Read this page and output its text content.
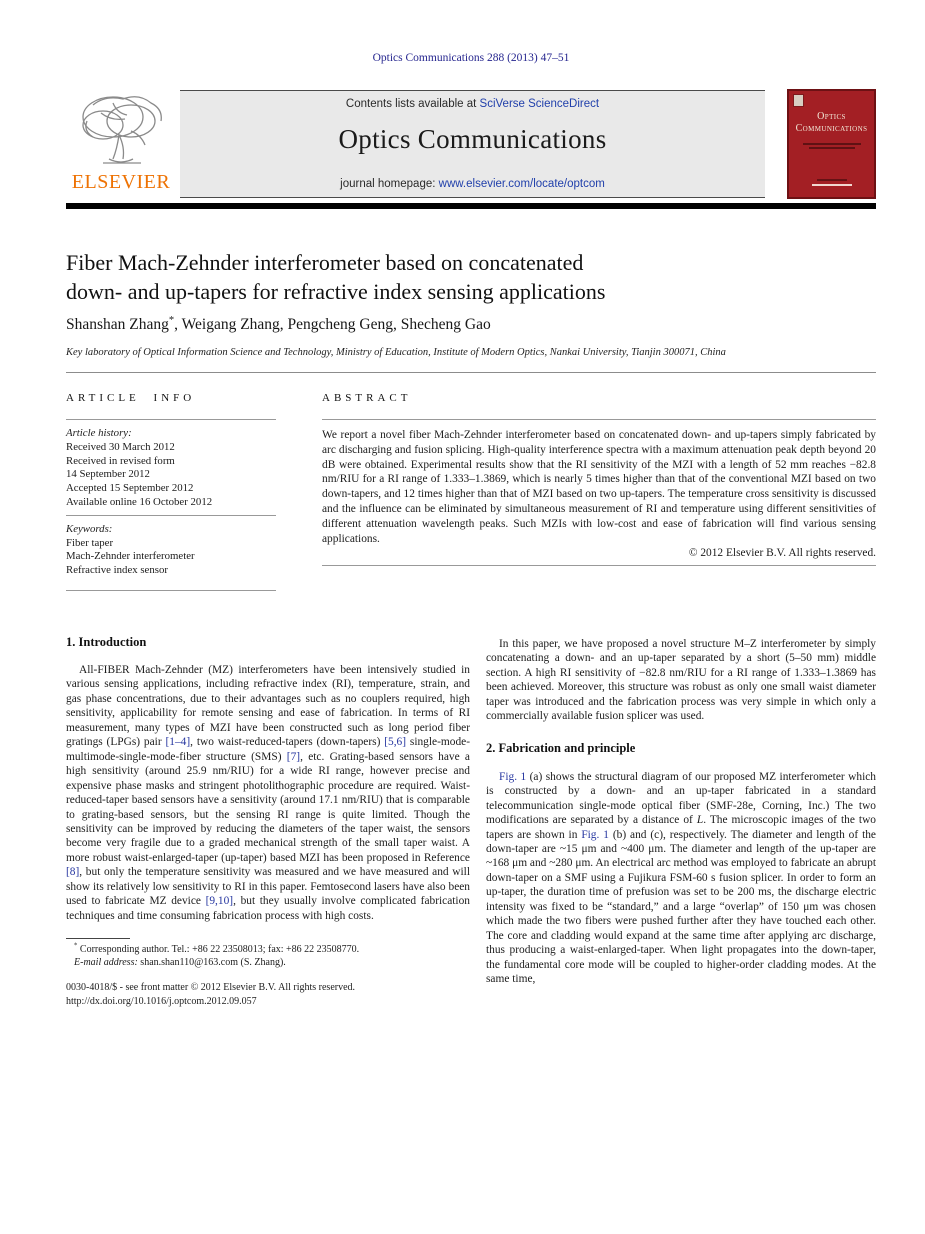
Optics Communications 288 (2013) 47–51
ELSEVIER
Contents lists available at SciVerse ScienceDirect
Optics Communications
journal homepage: www.elsevier.com/locate/optcom
Optics
Communications
Fiber Mach-Zehnder interferometer based on concatenated
down- and up-tapers for refractive index sensing applications
Shanshan Zhang*, Weigang Zhang, Pengcheng Geng, Shecheng Gao
Key laboratory of Optical Information Science and Technology, Ministry of Education, Institute of Modern Optics, Nankai University, Tianjin 300071, China
ARTICLE INFO
Article history:
Received 30 March 2012
Received in revised form
14 September 2012
Accepted 15 September 2012
Available online 16 October 2012
Keywords:
Fiber taper
Mach-Zehnder interferometer
Refractive index sensor
ABSTRACT
We report a novel fiber Mach-Zehnder interferometer based on concatenated down- and up-tapers simply fabricated by arc discharging and fusion splicing. High-quality interference spectra with a maximum attenuation peak depth beyond 20 dB were obtained. Experimental results show that the RI sensitivity of the MZI with a length of 52 mm reaches −82.8 nm/RIU for a RI range of 1.333–1.3869, which is nearly 5 times higher than that of the conventional MZI based on two down-tapers, and 12 times higher than that of MZI based on two up-tapers. The temperature cross sensitivity is discussed and the influence can be eliminated by simultaneous measurement of RI and temperature using different sensitivities of different attenuation wavelength peaks. Such MZIs with low-cost and ease of fabrication will find various sensing applications.
© 2012 Elsevier B.V. All rights reserved.
1. Introduction
All-FIBER Mach-Zehnder (MZ) interferometers have been intensively studied in various sensing applications, including refractive index (RI), temperature, strain, and gas phase concentrations, due to their advantages such as no couplers required, high sensitivity, applicability for remote sensing and ease of fabrication. In terms of RI measurement, many types of MZI have been constructed such as long period fiber gratings (LPGs) pair [1–4], two waist-reduced-tapers (down-tapers) [5,6] single-mode-multimode-single-mode-fiber structure (SMS) [7], etc. Grating-based sensors have a high sensitivity (around 25.9 nm/RIU) for a wide RI range, however precise and expensive phase masks and stringent photolithographic procedure are required. Waist-reduced-taper based sensors have a sensitivity (around 17.1 nm/RIU) that is comparable to grating-based sensors, but the sensing RI range is quite limited. Though the sensitivity can be improved by reducing the diameters of the taper waist, the sensors become very fragile due to a graded mechanical strength of the small taper waist. A more robust waist-enlarged-taper (up-taper) based MZI has been proposed in Reference [8], but only the temperature sensitivity was measured and we have measured and will show its relatively low sensitivity to RI in this paper. Femtosecond lasers have also been used to fabricate MZ device [9,10], but they usually involve complicated fabrication techniques and time consuming fabrication process with high costs.
* Corresponding author. Tel.: +86 22 23508013; fax: +86 22 23508770.
E-mail address: shan.shan110@163.com (S. Zhang).
0030-4018/$ - see front matter © 2012 Elsevier B.V. All rights reserved.
http://dx.doi.org/10.1016/j.optcom.2012.09.057
In this paper, we have proposed a novel structure M–Z interferometer by simply concatenating a down- and an up-taper separated by a short (5–50 mm) middle section. A high RI sensitivity of −82.8 nm/RIU for a RI range of 1.333–1.3869 has been achieved. Moreover, this structure was robust as only one small waist diameter taper was introduced and the fabrication process was very simple in which only a commercially available fusion splicer was used.
2. Fabrication and principle
Fig. 1 (a) shows the structural diagram of our proposed MZ interferometer which is constructed by a down- and an up-taper fabricated in a standard telecommunication single-mode optical fiber (SMF-28e, Corning, Inc.) The two modifications are separated by a distance of L. The microscopic images of the two tapers are shown in Fig. 1 (b) and (c), respectively. The diameter and length of the down-taper are ~15 μm and ~400 μm. The diameter and length of the up-taper are ~168 μm and ~280 μm. An electrical arc method was employed to fabricate an abrupt down-taper on a SMF using a Fujikura FSM-60 s fusion splicer. In order to form an up-taper, the duration time of prefusion was set to be 200 ms, the discharge electric intensity was fixed to be “standard,” and a large “overlap” of 150 μm was chosen which made the two fibers were pushed further after they have touched each other. The core and cladding would expand at the same time after applying arc discharge, thus producing a waist-enlarged-taper. When light propagates into the down-taper, the fundamental core mode will be coupled to higher-order cladding modes. At the same time,
